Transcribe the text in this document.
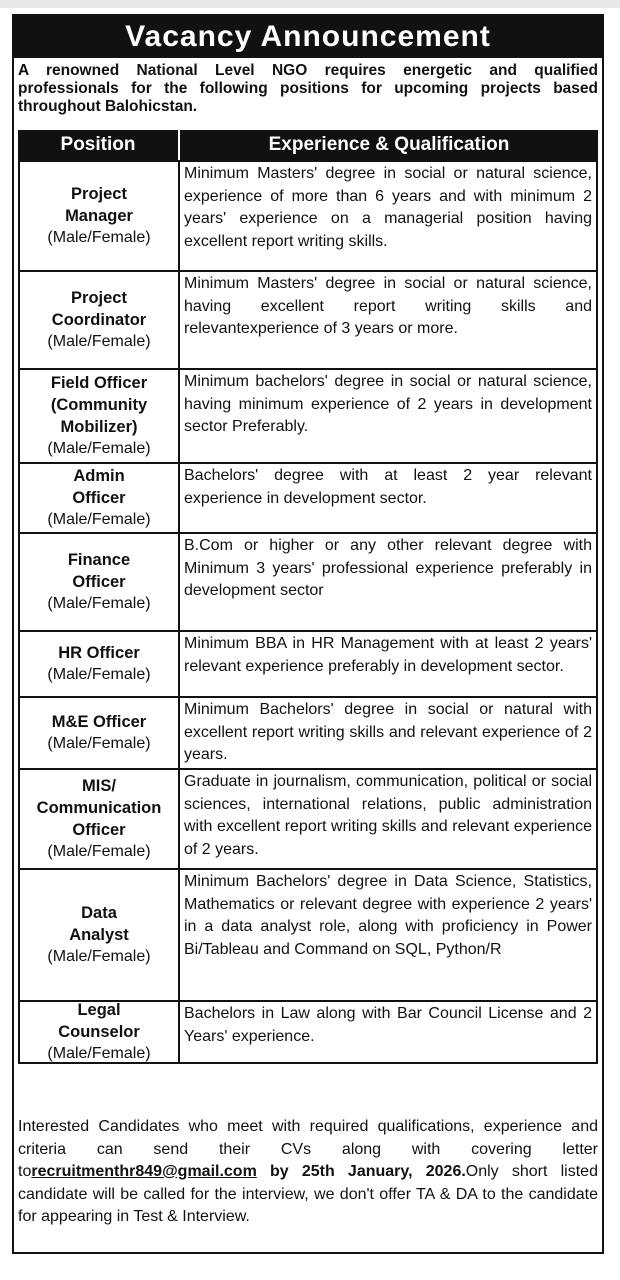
Vacancy Announcement
A renowned National Level NGO requires energetic and qualified professionals for the following positions for upcoming projects based throughout Balohicstan.
Position	Experience & Qualification
Project
Manager
(Male/Female)
Minimum Masters' degree in social or natural science, experience of more than 6 years and with minimum 2 years' experience on a managerial position having excellent report writing skills.
Project
Coordinator
(Male/Female)
Minimum Masters' degree in social or natural science, having excellent report writing skills and relevantexperience of 3 years or more.
Field Officer
(Community
Mobilizer)
(Male/Female)
Minimum bachelors' degree in social or natural science, having minimum experience of 2 years in development sector Preferably.
Admin
Officer
(Male/Female)
Bachelors' degree with at least 2 year relevant experience in development sector.
Finance
Officer
(Male/Female)
B.Com or higher or any other relevant degree with Minimum 3 years' professional experience preferably in development sector
HR Officer
(Male/Female)
Minimum BBA in HR Management with at least 2 years' relevant experience preferably in development sector.
M&E Officer
(Male/Female)
Minimum Bachelors' degree in social or natural with excellent report writing skills and relevant experience of 2 years.
MIS/
Communication
Officer
(Male/Female)
Graduate in journalism, communication, political or social sciences, international relations, public administration with excellent report writing skills and relevant experience of 2 years.
Data
Analyst
(Male/Female)
Minimum Bachelors' degree in Data Science, Statistics, Mathematics or relevant degree with experience 2 years' in a data analyst role, along with proficiency in Power Bi/Tableau and Command on SQL, Python/R
Legal
Counselor
(Male/Female)
Bachelors in Law along with Bar Council License and 2 Years' experience.
Interested Candidates who meet with required qualifications, experience and criteria can send their CVs along with covering letter torecruitmenthr849@gmail.com by 25th January, 2026.Only short listed candidate will be called for the interview, we don't offer TA & DA to the candidate for appearing in Test & Interview.
